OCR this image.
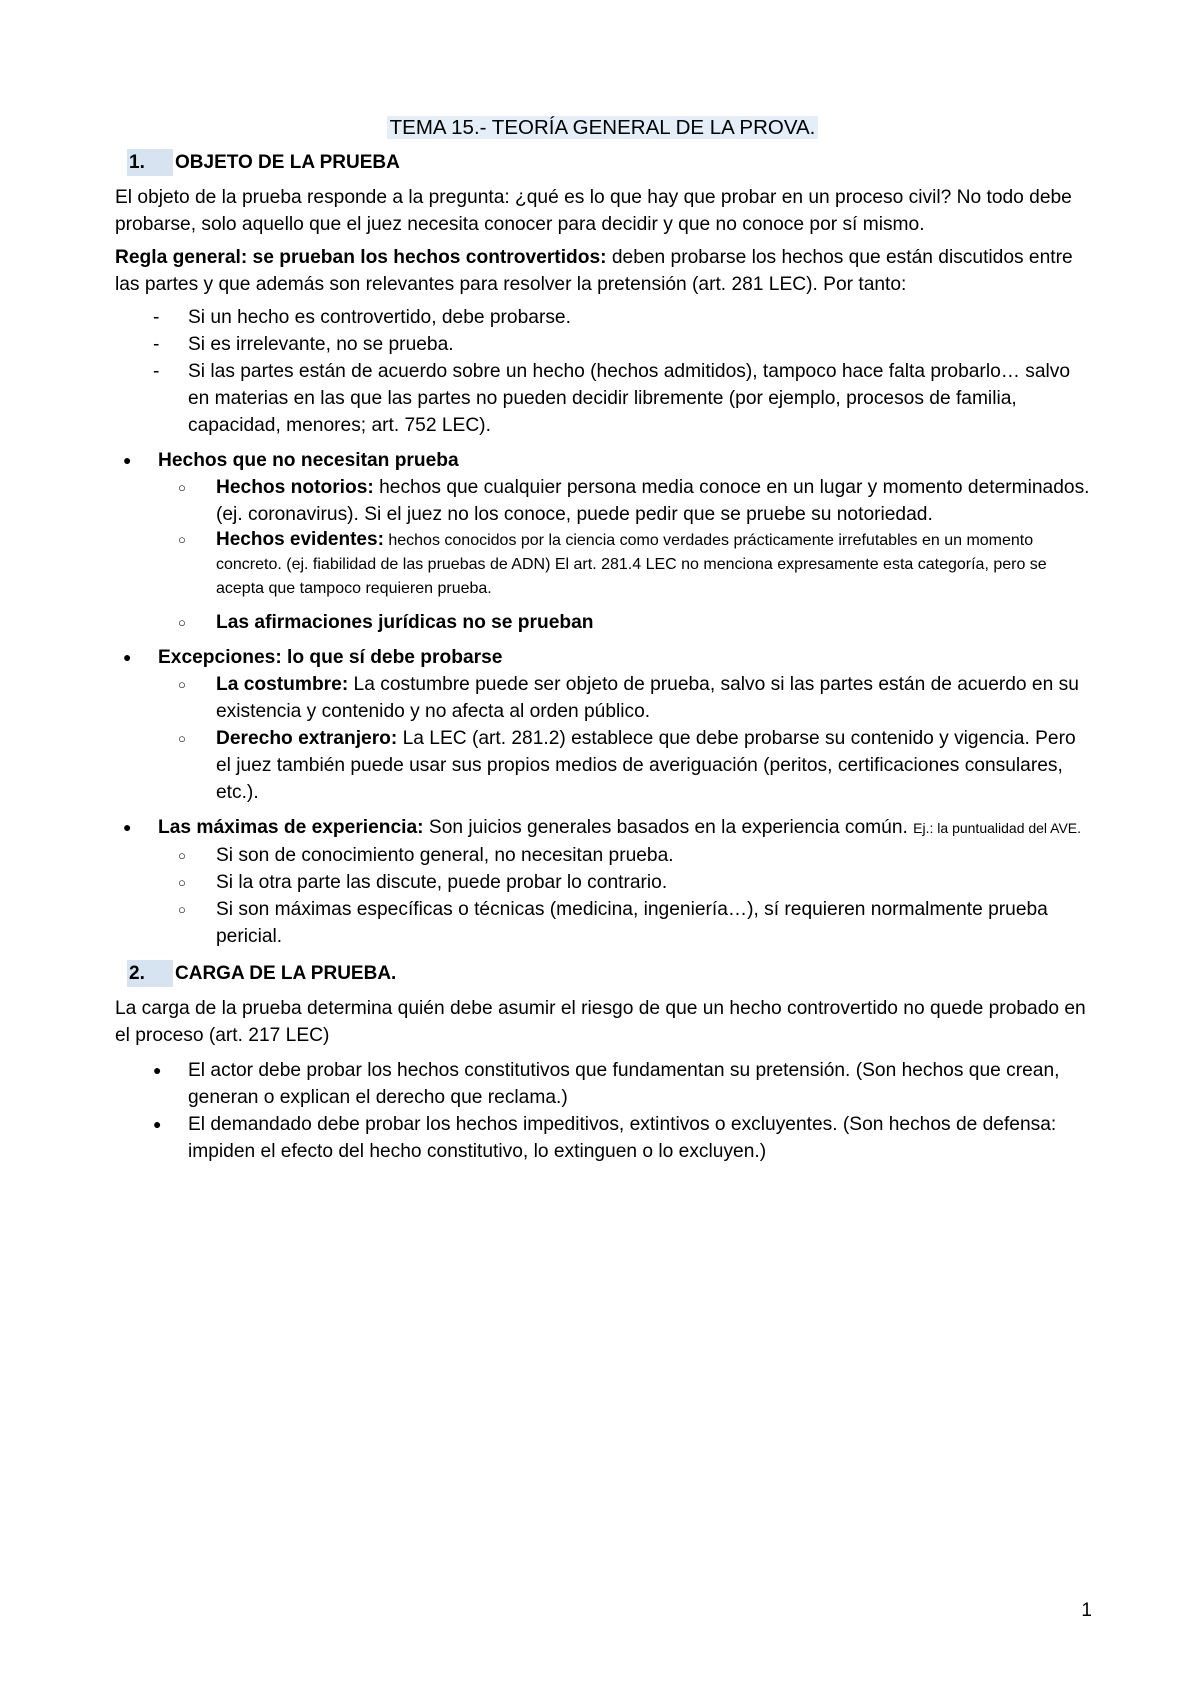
TEMA 15.- TEORÍA GENERAL DE LA PROVA.
1.	OBJETO DE LA PRUEBA

El objeto de la prueba responde a la pregunta: ¿qué es lo que hay que probar en un proceso civil? No todo debe probarse, solo aquello que el juez necesita conocer para decidir y que no conoce por sí mismo.

Regla general: se prueban los hechos controvertidos: deben probarse los hechos que están discutidos entre las partes y que además son relevantes para resolver la pretensión (art. 281 LEC). Por tanto:

- Si un hecho es controvertido, debe probarse.
- Si es irrelevante, no se prueba.
- Si las partes están de acuerdo sobre un hecho (hechos admitidos), tampoco hace falta probarlo… salvo en materias en las que las partes no pueden decidir libremente (por ejemplo, procesos de familia, capacidad, menores; art. 752 LEC).
● Hechos que no necesitan prueba
○ Hechos notorios: hechos que cualquier persona media conoce en un lugar y momento determinados. (ej. coronavirus). Si el juez no los conoce, puede pedir que se pruebe su notoriedad.
○ Hechos evidentes: hechos conocidos por la ciencia como verdades prácticamente irrefutables en un momento concreto. (ej. fiabilidad de las pruebas de ADN) El art. 281.4 LEC no menciona expresamente esta categoría, pero se acepta que tampoco requieren prueba.
○ Las afirmaciones jurídicas no se prueban
● Excepciones: lo que sí debe probarse
○ La costumbre: La costumbre puede ser objeto de prueba, salvo si las partes están de acuerdo en su existencia y contenido y no afecta al orden público.
○ Derecho extranjero: La LEC (art. 281.2) establece que debe probarse su contenido y vigencia. Pero el juez también puede usar sus propios medios de averiguación (peritos, certificaciones consulares, etc.).
● Las máximas de experiencia: Son juicios generales basados en la experiencia común. Ej.: la puntualidad del AVE.
○ Si son de conocimiento general, no necesitan prueba.
○ Si la otra parte las discute, puede probar lo contrario.
○ Si son máximas específicas o técnicas (medicina, ingeniería…), sí requieren normalmente prueba pericial.
2.	CARGA DE LA PRUEBA.

La carga de la prueba determina quién debe asumir el riesgo de que un hecho controvertido no quede probado en el proceso (art. 217 LEC)

● El actor debe probar los hechos constitutivos que fundamentan su pretensión. (Son hechos que crean, generan o explican el derecho que reclama.)
● El demandado debe probar los hechos impeditivos, extintivos o excluyentes. (Son hechos de defensa: impiden el efecto del hecho constitutivo, lo extinguen o lo excluyen.)
1
